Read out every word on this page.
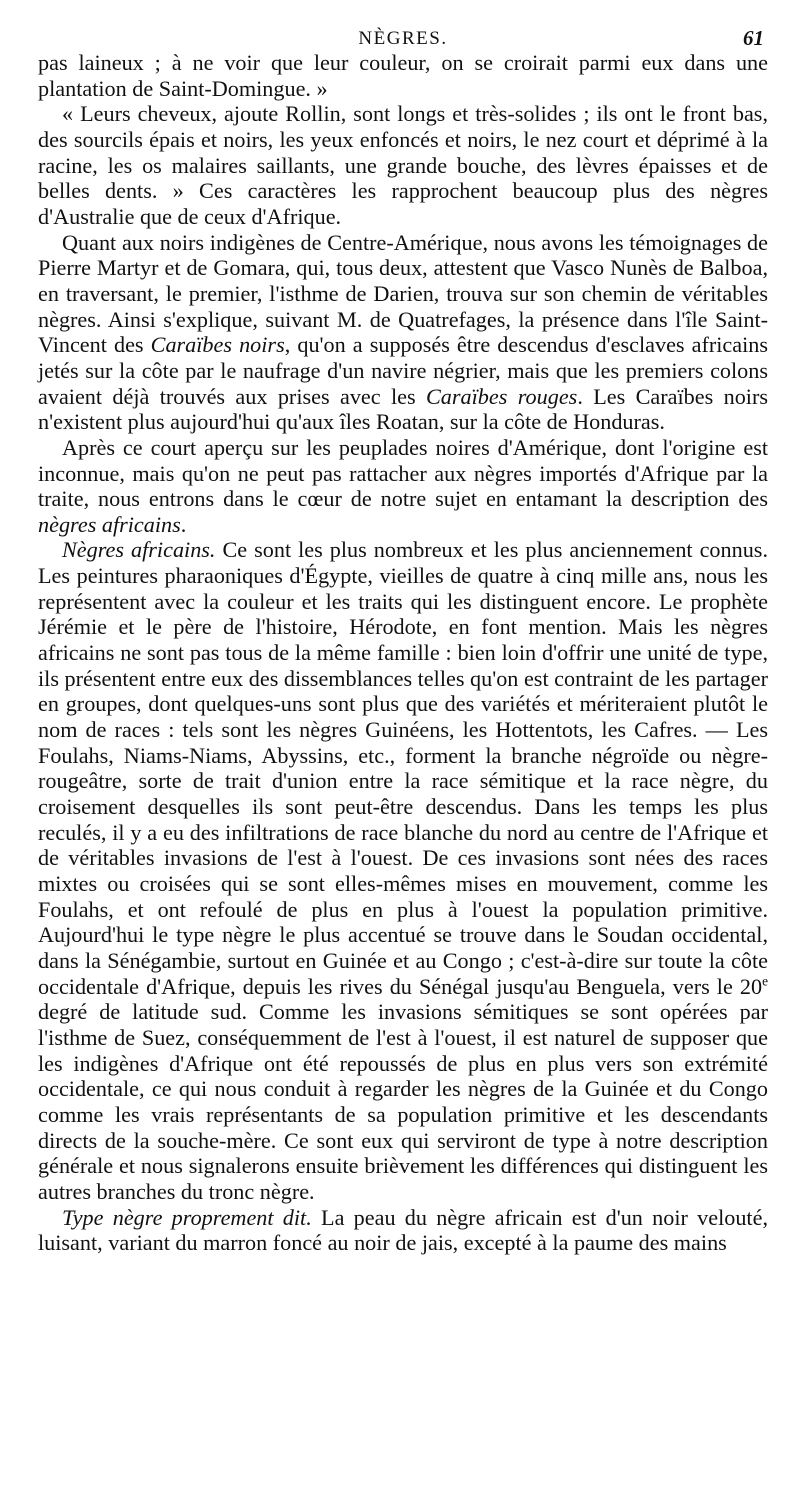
NÈGRES.	61

pas laineux ; à ne voir que leur couleur, on se croirait parmi eux dans une plantation de Saint-Domingue. »

« Leurs cheveux, ajoute Rollin, sont longs et très-solides ; ils ont le front bas, des sourcils épais et noirs, les yeux enfoncés et noirs, le nez court et déprimé à la racine, les os malaires saillants, une grande bouche, des lèvres épaisses et de belles dents. » Ces caractères les rapprochent beaucoup plus des nègres d'Australie que de ceux d'Afrique.

Quant aux noirs indigènes de Centre-Amérique, nous avons les témoignages de Pierre Martyr et de Gomara, qui, tous deux, attestent que Vasco Nunès de Balboa, en traversant, le premier, l'isthme de Darien, trouva sur son chemin de véritables nègres. Ainsi s'explique, suivant M. de Quatrefages, la présence dans l'île Saint-Vincent des Caraïbes noirs, qu'on a supposés être descendus d'esclaves africains jetés sur la côte par le naufrage d'un navire négrier, mais que les premiers colons avaient déjà trouvés aux prises avec les Caraïbes rouges. Les Caraïbes noirs n'existent plus aujourd'hui qu'aux îles Roatan, sur la côte de Honduras.

Après ce court aperçu sur les peuplades noires d'Amérique, dont l'origine est inconnue, mais qu'on ne peut pas rattacher aux nègres importés d'Afrique par la traite, nous entrons dans le cœur de notre sujet en entamant la description des nègres africains.

Nègres africains. Ce sont les plus nombreux et les plus anciennement connus. Les peintures pharaoniques d'Égypte, vieilles de quatre à cinq mille ans, nous les représentent avec la couleur et les traits qui les distinguent encore. Le prophète Jérémie et le père de l'histoire, Hérodote, en font mention. Mais les nègres africains ne sont pas tous de la même famille : bien loin d'offrir une unité de type, ils présentent entre eux des dissemblances telles qu'on est contraint de les partager en groupes, dont quelques-uns sont plus que des variétés et mériteraient plutôt le nom de races : tels sont les nègres Guinéens, les Hottentots, les Cafres. — Les Foulahs, Niams-Niams, Abyssins, etc., forment la branche négroïde ou nègre-rougeâtre, sorte de trait d'union entre la race sémitique et la race nègre, du croisement desquelles ils sont peut-être descendus. Dans les temps les plus reculés, il y a eu des infiltrations de race blanche du nord au centre de l'Afrique et de véritables invasions de l'est à l'ouest. De ces invasions sont nées des races mixtes ou croisées qui se sont elles-mêmes mises en mouvement, comme les Foulahs, et ont refoulé de plus en plus à l'ouest la population primitive. Aujourd'hui le type nègre le plus accentué se trouve dans le Soudan occidental, dans la Sénégambie, surtout en Guinée et au Congo ; c'est-à-dire sur toute la côte occidentale d'Afrique, depuis les rives du Sénégal jusqu'au Benguela, vers le 20e degré de latitude sud. Comme les invasions sémitiques se sont opérées par l'isthme de Suez, conséquemment de l'est à l'ouest, il est naturel de supposer que les indigènes d'Afrique ont été repoussés de plus en plus vers son extrémité occidentale, ce qui nous conduit à regarder les nègres de la Guinée et du Congo comme les vrais représentants de sa population primitive et les descendants directs de la souche-mère. Ce sont eux qui serviront de type à notre description générale et nous signalerons ensuite brièvement les différences qui distinguent les autres branches du tronc nègre.

Type nègre proprement dit. La peau du nègre africain est d'un noir velouté, luisant, variant du marron foncé au noir de jais, excepté à la paume des mains
